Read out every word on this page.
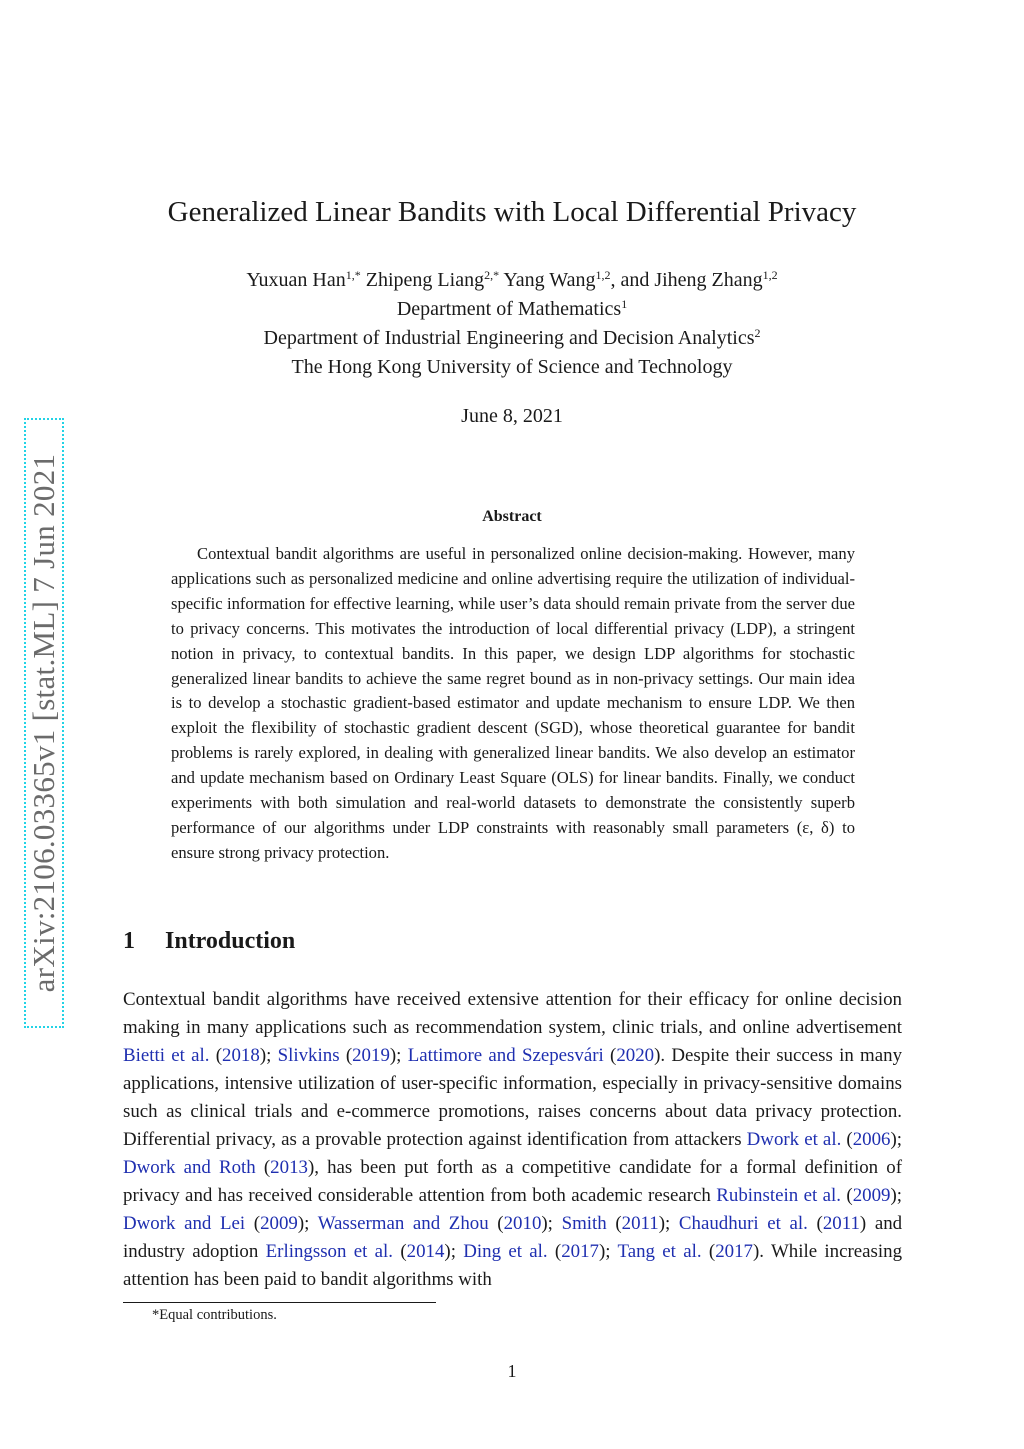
arXiv:2106.03365v1 [stat.ML] 7 Jun 2021
Generalized Linear Bandits with Local Differential Privacy
Yuxuan Han$^{1,*}$ Zhipeng Liang$^{2,*}$ Yang Wang$^{1,2}$, and Jiheng Zhang$^{1,2}$
Department of Mathematics$^1$
Department of Industrial Engineering and Decision Analytics$^2$
The Hong Kong University of Science and Technology
June 8, 2021
Abstract

Contextual bandit algorithms are useful in personalized online decision-making. However, many applications such as personalized medicine and online advertising require the utilization of individual-specific information for effective learning, while user’s data should remain private from the server due to privacy concerns. This motivates the introduction of local differential privacy (LDP), a stringent notion in privacy, to contextual bandits. In this paper, we design LDP algorithms for stochastic generalized linear bandits to achieve the same regret bound as in non-privacy settings. Our main idea is to develop a stochastic gradient-based estimator and update mechanism to ensure LDP. We then exploit the flexibility of stochastic gradient descent (SGD), whose theoretical guarantee for bandit problems is rarely explored, in dealing with generalized linear bandits. We also develop an estimator and update mechanism based on Ordinary Least Square (OLS) for linear bandits. Finally, we conduct experiments with both simulation and real-world datasets to demonstrate the consistently superb performance of our algorithms under LDP constraints with reasonably small parameters (ε, δ) to ensure strong privacy protection.

1 Introduction

Contextual bandit algorithms have received extensive attention for their efficacy for online decision making in many applications such as recommendation system, clinic trials, and online advertisement Bietti et al. (2018); Slivkins (2019); Lattimore and Szepesvári (2020). Despite their success in many applications, intensive utilization of user-specific information, especially in privacy-sensitive domains such as clinical trials and e-commerce promotions, raises concerns about data privacy protection. Differential privacy, as a provable protection against identification from attackers Dwork et al. (2006); Dwork and Roth (2013), has been put forth as a competitive candidate for a formal definition of privacy and has received considerable attention from both academic research Rubinstein et al. (2009); Dwork and Lei (2009); Wasserman and Zhou (2010); Smith (2011); Chaudhuri et al. (2011) and industry adoption Erlingsson et al. (2014); Ding et al. (2017); Tang et al. (2017). While increasing attention has been paid to bandit algorithms with

*Equal contributions.
1
